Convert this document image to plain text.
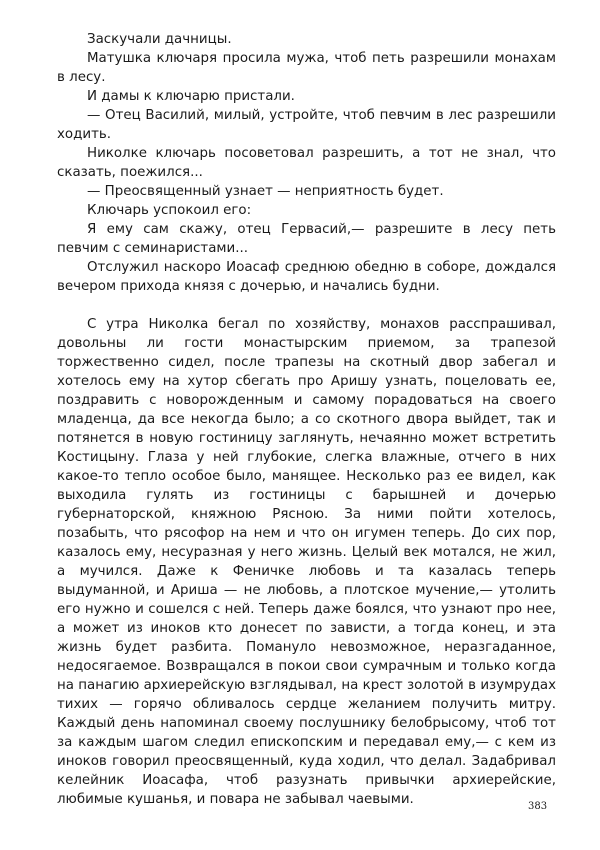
Заскучали дачницы.

Матушка ключаря просила мужа, чтоб петь разрешили монахам в лесу.

И дамы к ключарю пристали.

— Отец Василий, милый, устройте, чтоб певчим в лес разрешили ходить.

Николке ключарь посоветовал разрешить, а тот не знал, что сказать, поежился...

— Преосвященный узнает — неприятность будет.

Ключарь успокоил его:

Я ему сам скажу, отец Гервасий,— разрешите в лесу петь певчим с семинаристами...

Отслужил наскоро Иоасаф среднюю обедню в соборе, дождался вечером прихода князя с дочерью, и начались будни.

С утра Николка бегал по хозяйству, монахов расспрашивал, довольны ли гости монастырским приемом, за трапезой торжественно сидел, после трапезы на скотный двор забегал и хотелось ему на хутор сбегать про Аришу узнать, поцеловать ее, поздравить с новорожденным и самому порадоваться на своего младенца, да все некогда было; а со скотного двора выйдет, так и потянется в новую гостиницу заглянуть, нечаянно может встретить Костицыну. Глаза у ней глубокие, слегка влажные, отчего в них какое-то тепло особое было, манящее. Несколько раз ее видел, как выходила гулять из гостиницы с барышней и дочерью губернаторской, княжною Рясною. За ними пойти хотелось, позабыть, что рясофор на нем и что он игумен теперь. До сих пор, казалось ему, несуразная у него жизнь. Целый век мотался, не жил, а мучился. Даже к Феничке любовь и та казалась теперь выдуманной, и Ариша — не любовь, а плотское мучение,— утолить его нужно и сошелся с ней. Теперь даже боялся, что узнают про нее, а может из иноков кто донесет по зависти, а тогда конец, и эта жизнь будет разбита. Помануло невозможное, неразгаданное, недосягаемое. Возвращался в покои свои сумрачным и только когда на панагию архиерейскую взглядывал, на крест золотой в изумрудах тихих — горячо обливалось сердце желанием получить митру. Каждый день напоминал своему послушнику белобрысому, чтоб тот за каждым шагом следил епископским и передавал ему,— с кем из иноков говорил преосвященный, куда ходил, что делал. Задабривал келейник Иоасафа, чтоб разузнать привычки архиерейские, любимые кушанья, и повара не забывал чаевыми.	383
